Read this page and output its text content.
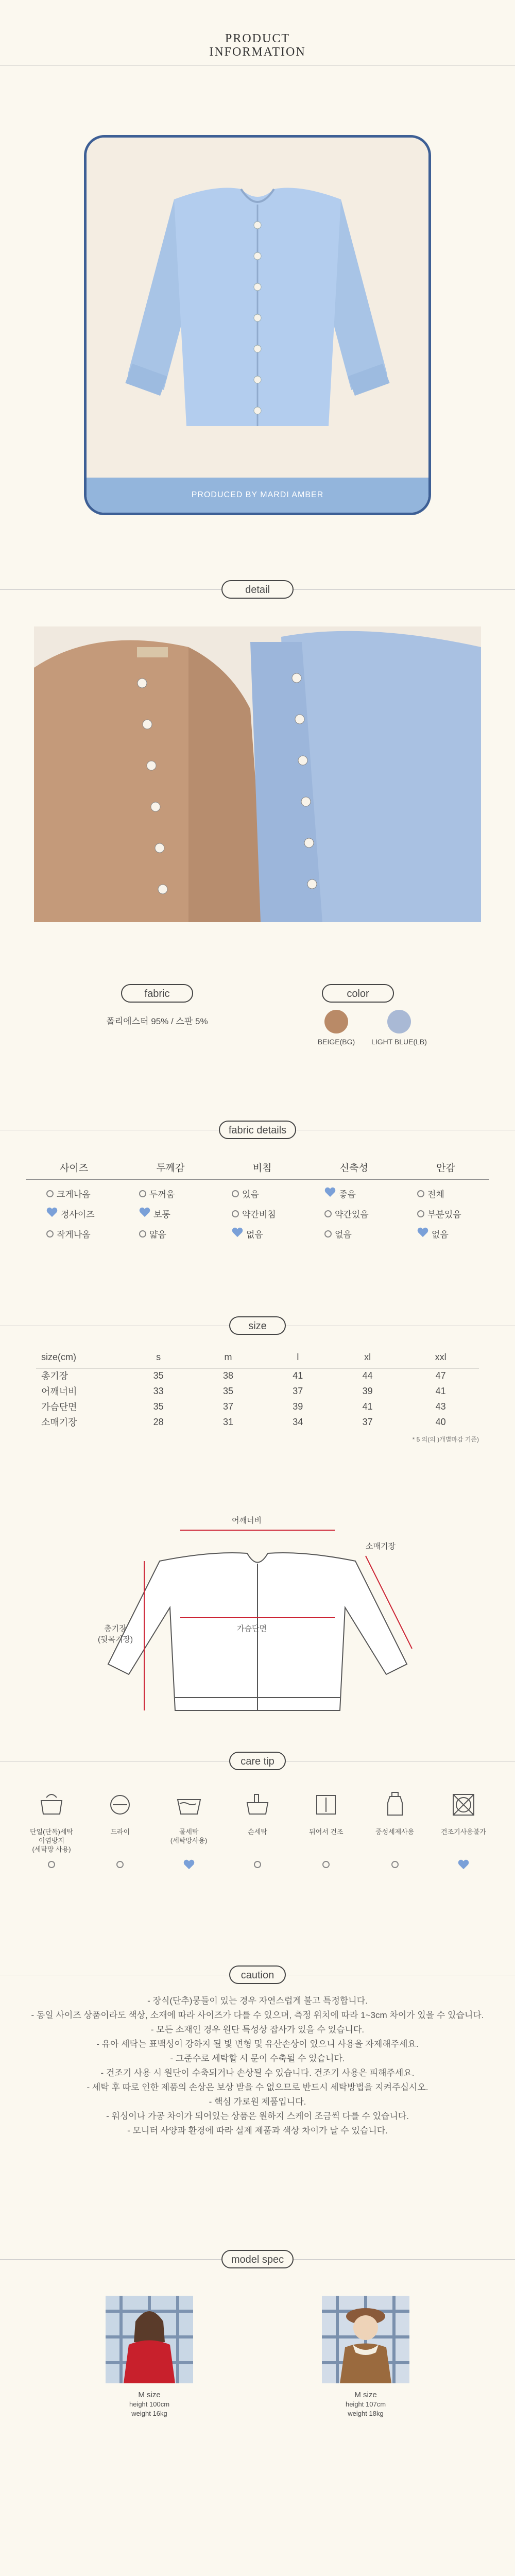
PRODUCT
INFORMATION
PRODUCED BY MARDI AMBER
detail
fabric	color
폴리에스터 95% / 스판 5%
BEIGE(BG)	LIGHT BLUE(LB)
fabric details
사이즈	두께감	비침	신축성	안감
크게나옴	두꺼움	있음	좋음	전체
정사이즈	보통	약간비침	약간있음	부분있음
작게나옴	얇음	없음	없음	없음
size
size(cm)	s	m	l	xl	xxl
총기장	35	38	41	44	47
어깨너비	33	35	37	39	41
가슴단면	35	37	39	41	43
소매기장	28	31	34	37	40
* 5 의(의 )개별마감 기준)
어깨너비
소매기장
가슴단면
총기장
(뒷목기장)
care tip
단일(단독)세탁
이염방지
(세탁망 사용)
드라이	물세탁
(세탁망사용)
손세탁	뒤어서 건조	중성세제사용	건조기사용불가
caution
- 장식(단추)뭉들이 있는 경우 자연스럽게 불고 특정합니다.
- 동일 사이즈 상품이라도 색상, 소재에 따라 사이즈가 다를 수 있으며, 측정 위치에 따라 1~3cm 차이가 있을 수 있습니다.
- 모든 소재인 경우 원단 특성상 잡사가 있을 수 있습니다.
- 유아 세탁는 표백성이 강하지 될 빛 변형 및 유산손상이 있으니 사용을 자제해주세요.
- 그준수로 세탁할 시 문이 수축될 수 있습니다.
- 건조기 사용 시 원단이 수축되거나 손상될 수 있습니다. 건조기 사용은 피해주세요.
- 세탁 후 따로 인한 제품의 손상은 보상 받을 수 없으므로 반드시 세탁방법을 지켜주십시오.
- 핵심 가로원 제품입니다.
- 워싱이나 가공 차이가 되어있는 상품은 원하지 스케이 조금씩 다를 수 있습니다.
- 모니터 사양과 환경에 따라 실제 제품과 색상 차이가 날 수 있습니다.
model spec
M size
height 100cm
weight 16kg
M size
height 107cm
weight 18kg
